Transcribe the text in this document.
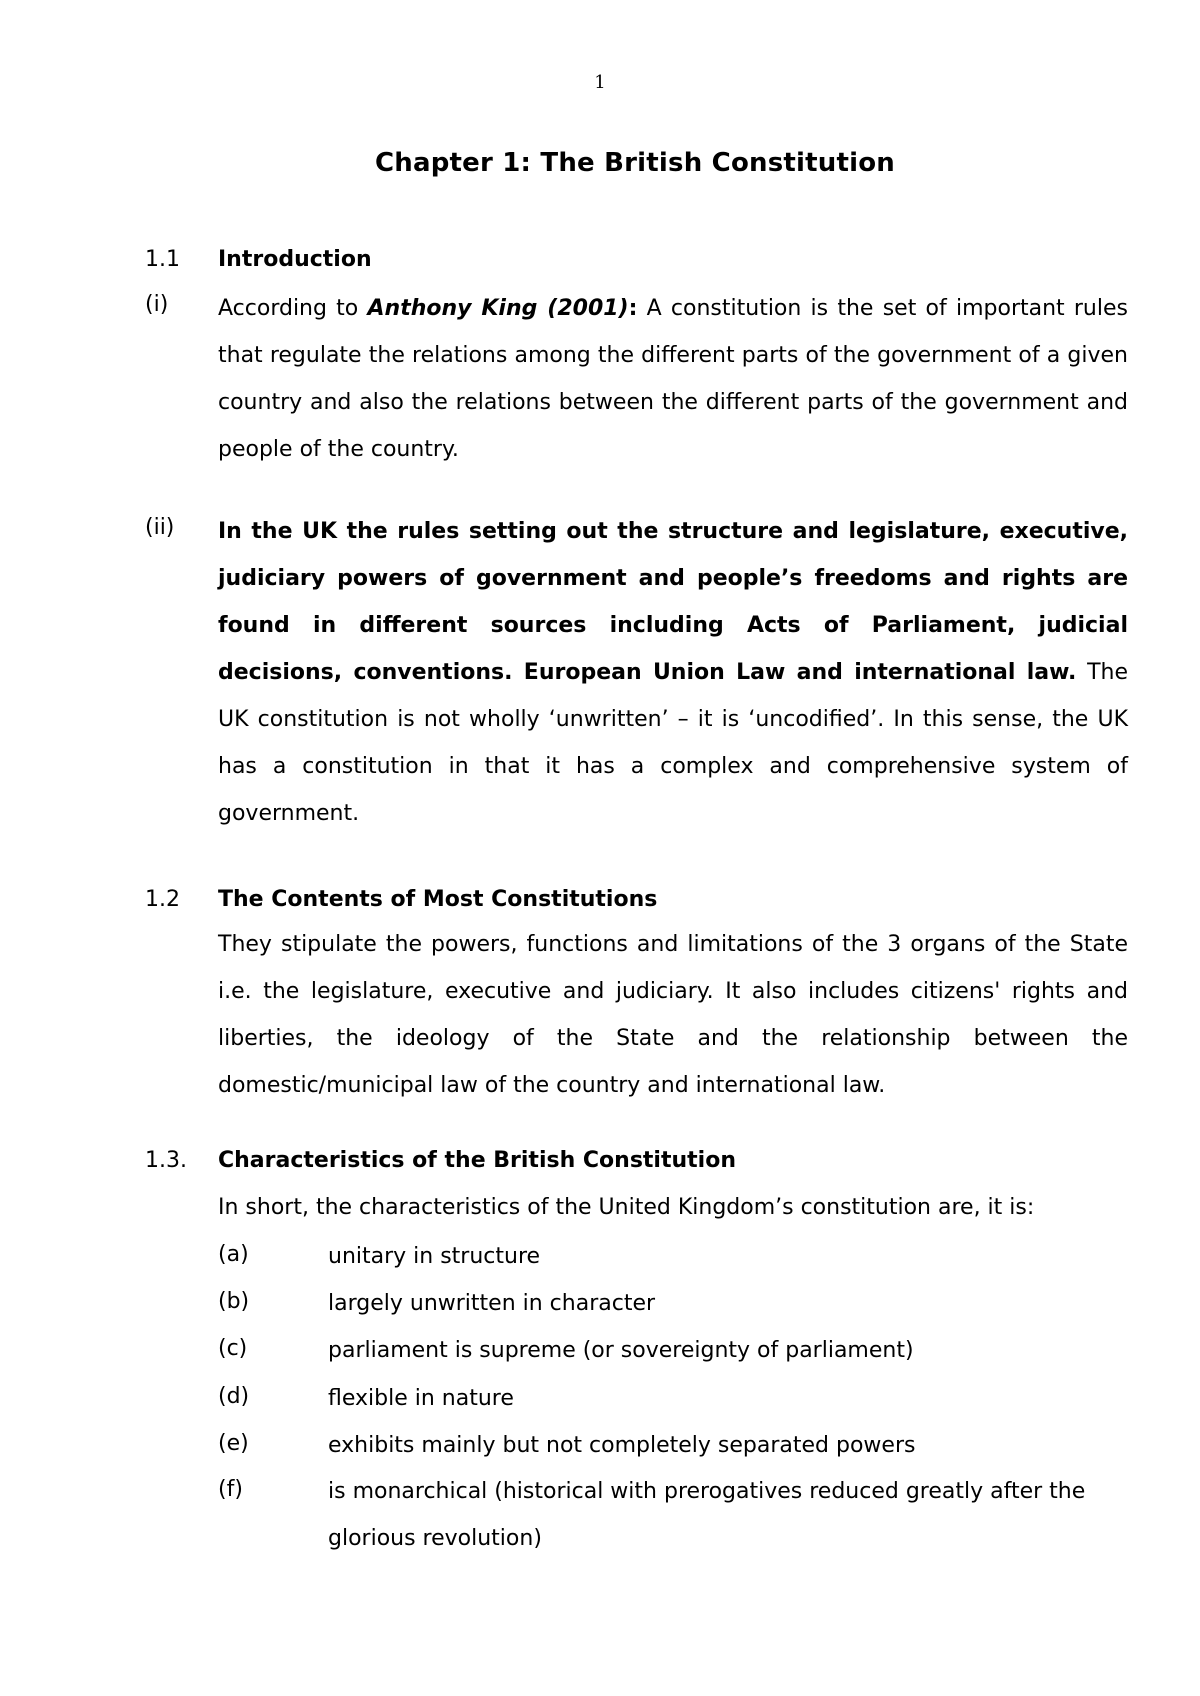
1
Chapter 1: The British Constitution
1.1 Introduction
(i) According to Anthony King (2001): A constitution is the set of important rules that regulate the relations among the different parts of the government of a given country and also the relations between the different parts of the government and people of the country.
(ii) In the UK the rules setting out the structure and legislature, executive, judiciary powers of government and people’s freedoms and rights are found in different sources including Acts of Parliament, judicial decisions, conventions. European Union Law and international law. The UK constitution is not wholly ‘unwritten’ – it is ‘uncodified’. In this sense, the UK has a constitution in that it has a complex and comprehensive system of government.
1.2 The Contents of Most Constitutions
They stipulate the powers, functions and limitations of the 3 organs of the State i.e. the legislature, executive and judiciary. It also includes citizens' rights and liberties, the ideology of the State and the relationship between the domestic/municipal law of the country and international law.
1.3. Characteristics of the British Constitution
In short, the characteristics of the United Kingdom’s constitution are, it is:
(a)	unitary in structure
(b)	largely unwritten in character
(c)	parliament is supreme (or sovereignty of parliament)
(d)	flexible in nature
(e)	exhibits mainly but not completely separated powers
(f)	is monarchical (historical with prerogatives reduced greatly after the glorious revolution)
